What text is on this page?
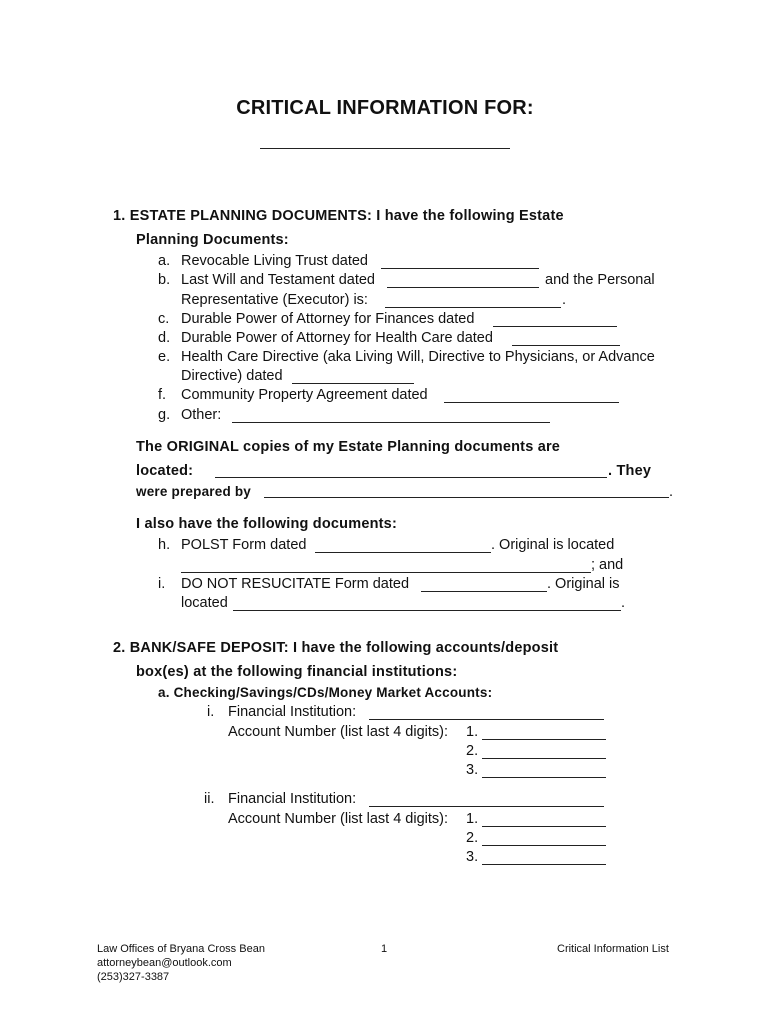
CRITICAL INFORMATION FOR:
1. ESTATE PLANNING DOCUMENTS: I have the following Estate
Planning Documents:
a. Revocable Living Trust dated
b. Last Will and Testament dated	and the Personal
Representative (Executor) is:	.
c. Durable Power of Attorney for Finances dated
d. Durable Power of Attorney for Health Care dated
e. Health Care Directive (aka Living Will, Directive to Physicians, or Advance
Directive) dated
f. Community Property Agreement dated
g. Other:
The ORIGINAL copies of my Estate Planning documents are
located:	. They
were prepared by	.
I also have the following documents:
h. POLST Form dated	. Original is located
; and
i. DO NOT RESUCITATE Form dated	. Original is
located	.
2. BANK/SAFE DEPOSIT: I have the following accounts/deposit
box(es) at the following financial institutions:
a. Checking/Savings/CDs/Money Market Accounts:
i. Financial Institution:
Account Number (list last 4 digits): 1.
2.
3.
ii. Financial Institution:
Account Number (list last 4 digits): 1.
2.
3.
Law Offices of Bryana Cross Bean
attorneybean@outlook.com
(253)327-3387
1	Critical Information List
